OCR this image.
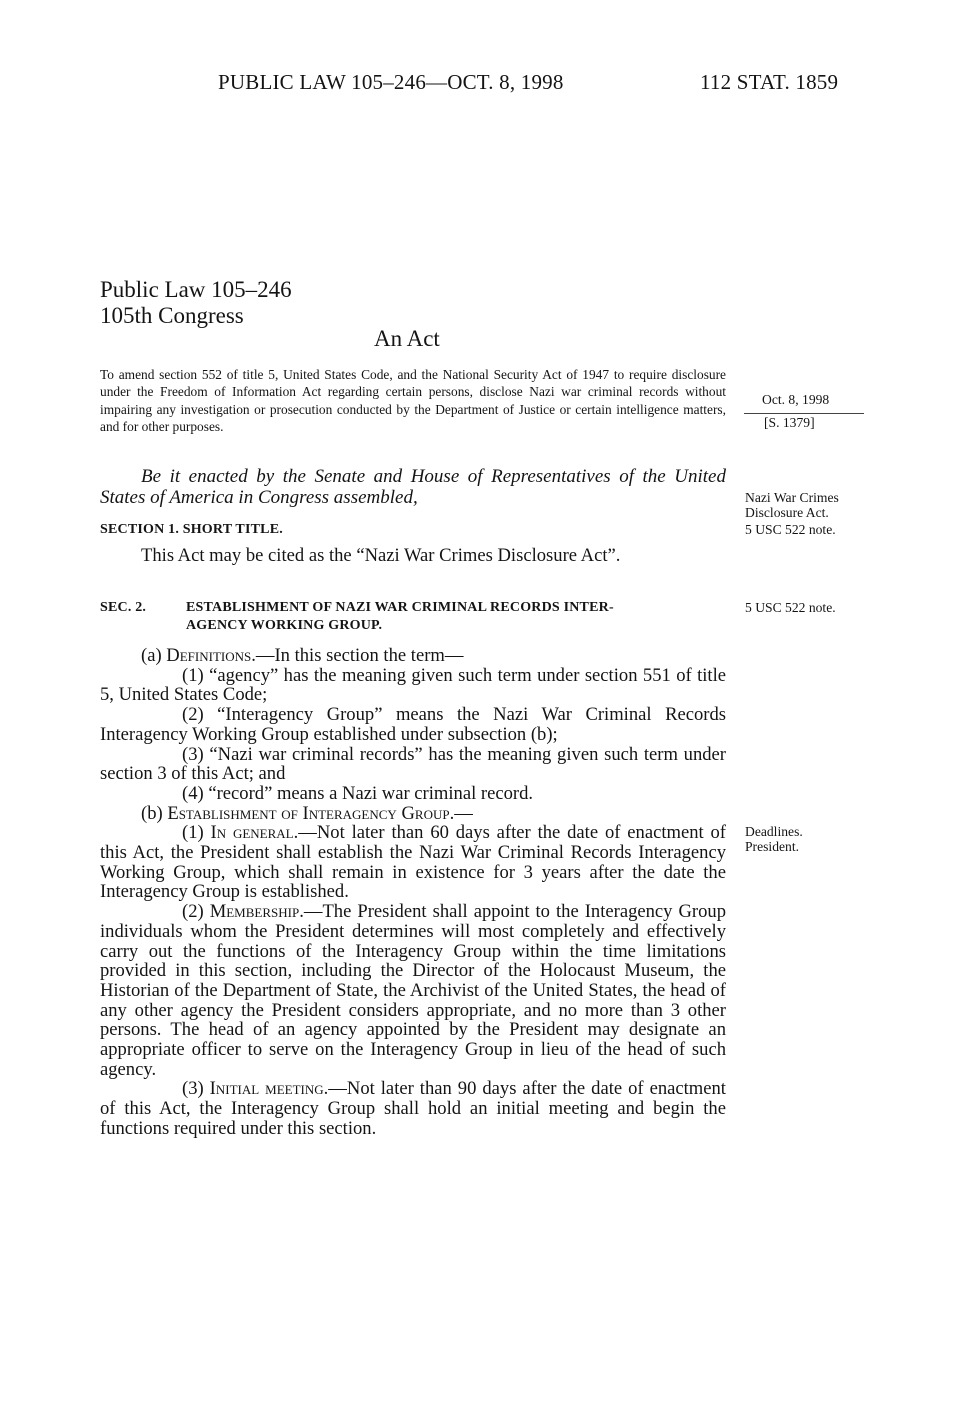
PUBLIC LAW 105–246—OCT. 8, 1998	112 STAT. 1859
Public Law 105–246
105th Congress
An Act
To amend section 552 of title 5, United States Code, and the National Security Act of 1947 to require disclosure under the Freedom of Information Act regarding certain persons, disclose Nazi war criminal records without impairing any investigation or prosecution conducted by the Department of Justice or certain intelligence matters, and for other purposes.
Be it enacted by the Senate and House of Representatives of the United States of America in Congress assembled,
SECTION 1. SHORT TITLE.
This Act may be cited as the “Nazi War Crimes Disclosure Act”.
SEC. 2.	ESTABLISHMENT OF NAZI WAR CRIMINAL RECORDS INTER-
AGENCY WORKING GROUP.
(a) Definitions.—In this section the term—
(1) “agency” has the meaning given such term under section 551 of title 5, United States Code;
(2) “Interagency Group” means the Nazi War Criminal Records Interagency Working Group established under subsection (b);
(3) “Nazi war criminal records” has the meaning given such term under section 3 of this Act; and
(4) “record” means a Nazi war criminal record.
(b) Establishment of Interagency Group.—
(1) In general.—Not later than 60 days after the date of enactment of this Act, the President shall establish the Nazi War Criminal Records Interagency Working Group, which shall remain in existence for 3 years after the date the Interagency Group is established.
(2) Membership.—The President shall appoint to the Interagency Group individuals whom the President determines will most completely and effectively carry out the functions of the Interagency Group within the time limitations provided in this section, including the Director of the Holocaust Museum, the Historian of the Department of State, the Archivist of the United States, the head of any other agency the President considers appropriate, and no more than 3 other persons. The head of an agency appointed by the President may designate an appropriate officer to serve on the Interagency Group in lieu of the head of such agency.
(3) Initial meeting.—Not later than 90 days after the date of enactment of this Act, the Interagency Group shall hold an initial meeting and begin the functions required under this section.
Oct. 8, 1998
[S. 1379]
Nazi War Crimes
Disclosure Act.
5 USC 522 note.
5 USC 522 note.
Deadlines.
President.
